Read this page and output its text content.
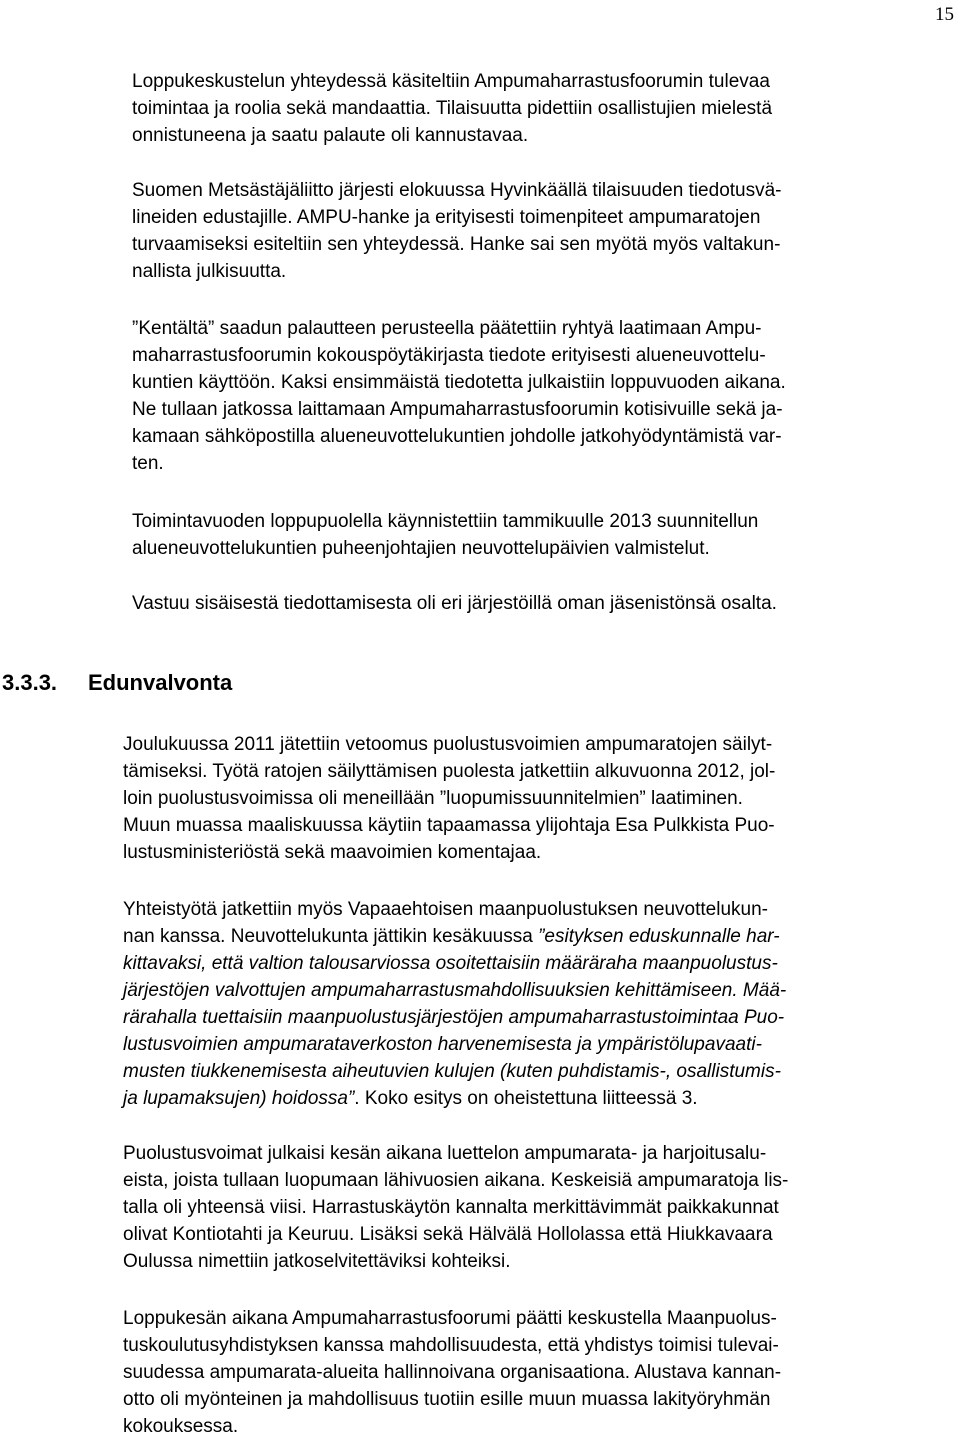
15

Loppukeskustelun yhteydessä käsiteltiin Ampumaharrastusfoorumin tulevaa
toimintaa ja roolia sekä mandaattia. Tilaisuutta pidettiin osallistujien mielestä
onnistuneena ja saatu palaute oli kannustavaa.

Suomen Metsästäjäliitto järjesti elokuussa Hyvinkäällä tilaisuuden tiedotusvä-
lineiden edustajille. AMPU-hanke ja erityisesti toimenpiteet ampumaratojen
turvaamiseksi esiteltiin sen yhteydessä. Hanke sai sen myötä myös valtakun-
nallista julkisuutta.

”Kentältä” saadun palautteen perusteella päätettiin ryhtyä laatimaan Ampu-
maharrastusfoorumin kokouspöytäkirjasta tiedote erityisesti alueneuvottelu-
kuntien käyttöön. Kaksi ensimmäistä tiedotetta julkaistiin loppuvuoden aikana.
Ne tullaan jatkossa laittamaan Ampumaharrastusfoorumin kotisivuille sekä ja-
kamaan sähköpostilla alueneuvottelukuntien johdolle jatkohyödyntämistä var-
ten.

Toimintavuoden loppupuolella käynnistettiin tammikuulle 2013 suunnitellun
alueneuvottelukuntien puheenjohtajien neuvottelupäivien valmistelut.

Vastuu sisäisestä tiedottamisesta oli eri järjestöillä oman jäsenistönsä osalta.

3.3.3. Edunvalvonta

Joulukuussa 2011 jätettiin vetoomus puolustusvoimien ampumaratojen säilyt-
tämiseksi. Työtä ratojen säilyttämisen puolesta jatkettiin alkuvuonna 2012, jol-
loin puolustusvoimissa oli meneillään ”luopumissuunnitelmien” laatiminen.
Muun muassa maaliskuussa käytiin tapaamassa ylijohtaja Esa Pulkkista Puo-
lustusministeriöstä sekä maavoimien komentajaa.

Yhteistyötä jatkettiin myös Vapaaehtoisen maanpuolustuksen neuvottelukun-
nan kanssa. Neuvottelukunta jättikin kesäkuussa ”esityksen eduskunnalle har-
kittavaksi, että valtion talousarviossa osoitettaisiin määräraha maanpuolustus-
järjestöjen valvottujen ampumaharrastusmahdollisuuksien kehittämiseen. Mää-
rärahalla tuettaisiin maanpuolustusjärjestöjen ampumaharrastustoimintaa Puo-
lustusvoimien ampumarataverkoston harvenemisesta ja ympäristölupavaati-
musten tiukkenemisesta aiheutuvien kulujen (kuten puhdistamis-, osallistumis-
ja lupamaksujen) hoidossa”. Koko esitys on oheistettuna liitteessä 3.

Puolustusvoimat julkaisi kesän aikana luettelon ampumarata- ja harjoitusalu-
eista, joista tullaan luopumaan lähivuosien aikana. Keskeisiä ampumaratoja lis-
talla oli yhteensä viisi. Harrastuskäytön kannalta merkittävimmät paikkakunnat
olivat Kontiotahti ja Keuruu. Lisäksi sekä Hälvälä Hollolassa että Hiukkavaara
Oulussa nimettiin jatkoselvitettäviksi kohteiksi.

Loppukesän aikana Ampumaharrastusfoorumi päätti keskustella Maanpuolus-
tuskoulutusyhdistyksen kanssa mahdollisuudesta, että yhdistys toimisi tulevai-
suudessa ampumarata-alueita hallinnoivana organisaationa. Alustava kannan-
otto oli myönteinen ja mahdollisuus tuotiin esille muun muassa lakityöryhmän
kokouksessa.
